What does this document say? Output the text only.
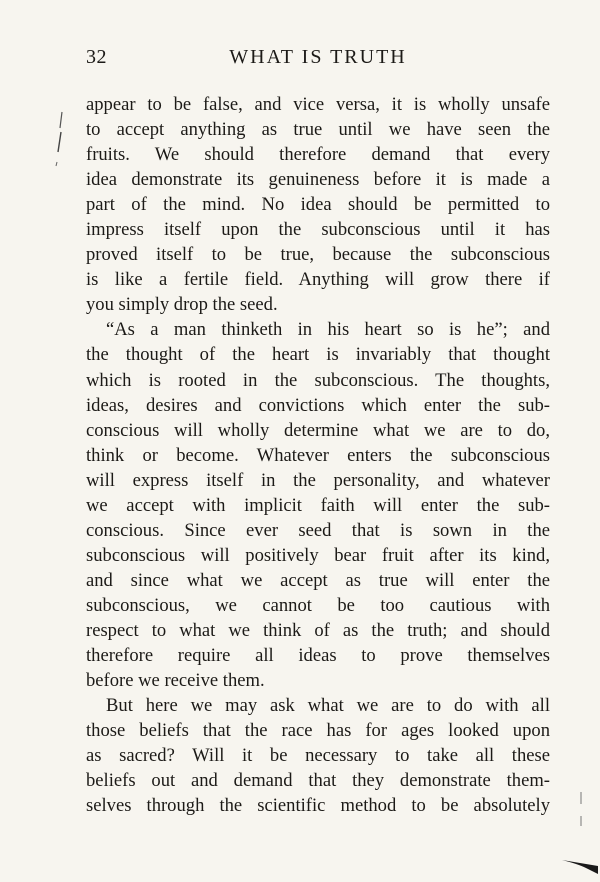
32	WHAT IS TRUTH

appear to be false, and vice versa, it is wholly unsafe
to accept anything as true until we have seen the
fruits. We should therefore demand that every
idea demonstrate its genuineness before it is made a
part of the mind. No idea should be permitted to
impress itself upon the subconscious until it has
proved itself to be true, because the subconscious
is like a fertile field. Anything will grow there if
you simply drop the seed.

“As a man thinketh in his heart so is he”; and
the thought of the heart is invariably that thought
which is rooted in the subconscious. The thoughts,
ideas, desires and convictions which enter the sub-
conscious will wholly determine what we are to do,
think or become. Whatever enters the subconscious
will express itself in the personality, and whatever
we accept with implicit faith will enter the sub-
conscious. Since ever seed that is sown in the
subconscious will positively bear fruit after its kind,
and since what we accept as true will enter the
subconscious, we cannot be too cautious with
respect to what we think of as the truth; and should
therefore require all ideas to prove themselves
before we receive them.

But here we may ask what we are to do with all
those beliefs that the race has for ages looked upon
as sacred? Will it be necessary to take all these
beliefs out and demand that they demonstrate them-
selves through the scientific method to be absolutely
